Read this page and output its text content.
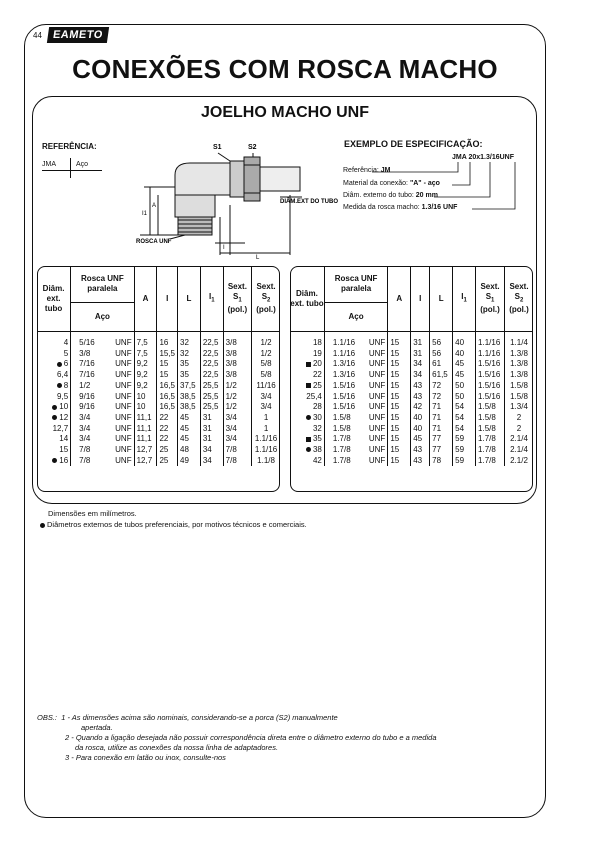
44 EAMETO
CONEXÕES COM ROSCA MACHO
JOELHO MACHO UNF
REFERÊNCIA:
JMA	Aço
S1	S2
DIÂM.EXT DO TUBO
ROSCA UNF
I1
A
I
L
EXEMPLO DE ESPECIFICAÇÃO:
JMA 20x1.3/16UNF
Referência: JM
Material da conexão: "A" - aço
Diâm. externo do tubo: 20 mm
Medida da rosca macho: 1.3/16 UNF
Diâm. ext. tubo	Rosca UNF paralela	A	I	L	$I_1$	Sext.
$S_1$
(pol.)	Sext.
$S_2$
(pol.)
	Aço						
4	5/16 UNF	7,5	16	32	22,5	3/8	1/2
5	3/8 UNF	7,5	15,5	32	22,5	3/8	1/2
6	7/16 UNF	9,2	15	35	22,5	3/8	5/8
6,4	7/16 UNF	9,2	15	35	22,5	3/8	5/8
8	1/2 UNF	9,2	16,5	37,5	25,5	1/2	11/16
9,5	9/16 UNF	10	16,5	38,5	25,5	1/2	3/4
10	9/16 UNF	10	16,5	38,5	25,5	1/2	3/4
12	3/4 UNF	11,1	22	45	31	3/4	1
12,7	3/4 UNF	11,1	22	45	31	3/4	1
14	3/4 UNF	11,1	22	45	31	3/4	1.1/16
15	7/8 UNF	12,7	25	48	34	7/8	1.1/16
16	7/8 UNF	12,7	25	49	34	7/8	1.1/8
Diâm. ext. tubo	Rosca UNF paralela	A	I	L	$I_1$	Sext.
$S_1$
(pol.)	Sext.
$S_2$
(pol.)
	Aço						
18	1.1/16 UNF	15	31	56	40	1.1/16	1.1/4
19	1.1/16 UNF	15	31	56	40	1.1/16	1.3/8
20	1.3/16 UNF	15	34	61	45	1.5/16	1.3/8
22	1.3/16 UNF	15	34	61,5	45	1.5/16	1.3/8
25	1.5/16 UNF	15	43	72	50	1.5/16	1.5/8
25,4	1.5/16 UNF	15	43	72	50	1.5/16	1.5/8
28	1.5/16 UNF	15	42	71	54	1.5/8	1.3/4
30	1.5/8 UNF	15	40	71	54	1.5/8	2
32	1.5/8 UNF	15	40	71	54	1.5/8	2
35	1.7/8 UNF	15	45	77	59	1.7/8	2.1/4
38	1.7/8 UNF	15	43	77	59	1.7/8	2.1/4
42	1.7/8 UNF	15	43	78	59	1.7/8	2.1/2
Dimensões em milímetros.
Diâmetros externos de tubos preferenciais, por motivos técnicos e comerciais.
OBS.: 1 - As dimensões acima são nominais, considerando-se a porca (S2) manualmente
apertada.
2 - Quando a ligação desejada não possuir correspondência direta entre o diâmetro externo do tubo e a medida
da rosca, utilize as conexões da nossa linha de adaptadores.
3 - Para conexão em latão ou inox, consulte-nos
